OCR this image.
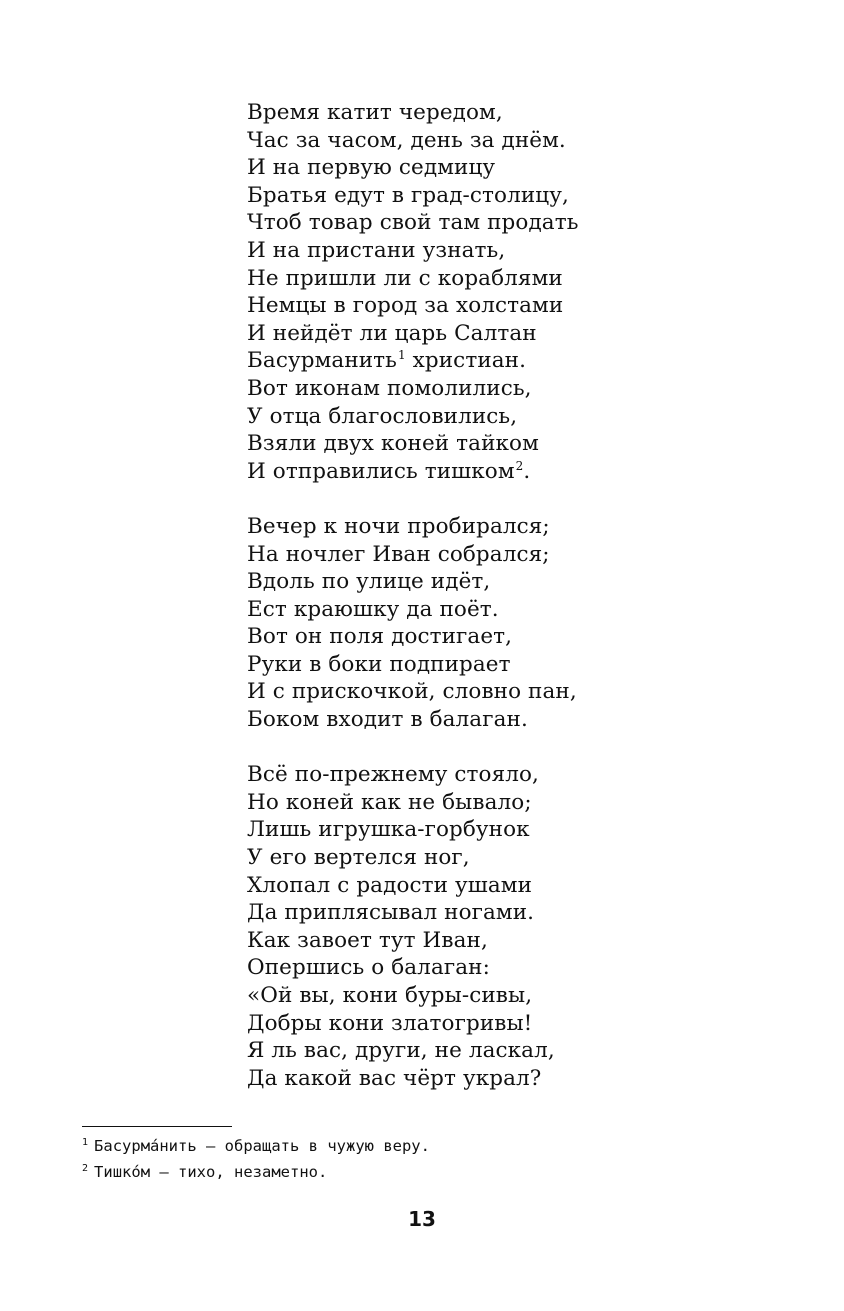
Время катит чередом,
Час за часом, день за днём.
И на первую седмицу
Братья едут в град-столицу,
Чтоб товар свой там продать
И на пристани узнать,
Не пришли ли с кораблями
Немцы в город за холстами
И нейдёт ли царь Салтан
Басурманить$^1$ христиан.
Вот иконам помолились,
У отца благословились,
Взяли двух коней тайком
И отправились тишком$^2$.
Вечер к ночи пробирался;
На ночлег Иван собрался;
Вдоль по улице идёт,
Ест краюшку да поёт.
Вот он поля достигает,
Руки в боки подпирает
И с прискочкой, словно пан,
Боком входит в балаган.
Всё по-прежнему стояло,
Но коней как не бывало;
Лишь игрушка-горбунок
У его вертелся ног,
Хлопал с радости ушами
Да приплясывал ногами.
Как завоет тут Иван,
Опершись о балаган:
«Ой вы, кони буры-сивы,
Добры кони златогривы!
Я ль вас, други, не ласкал,
Да какой вас чёрт украл?
$^1$ Басурма́нить — обращать в чужую веру.
$^2$ Тишко́м — тихо, незаметно.
13
